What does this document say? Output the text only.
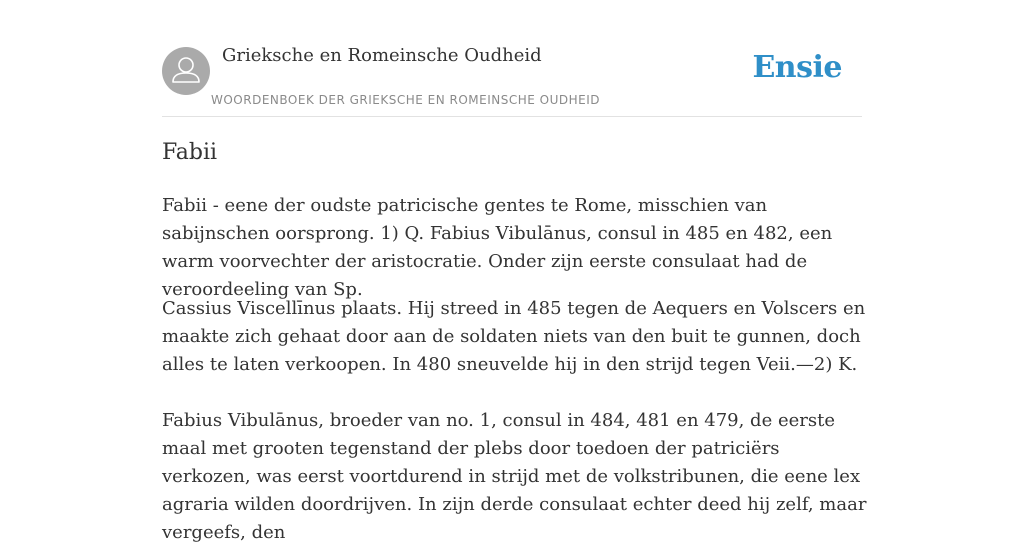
Grieksche en Romeinsche Oudheid
WOORDENBOEK DER GRIEKSCHE EN ROMEINSCHE OUDHEID
Ensie
Fabii

Fabii - eene der oudste patricische gentes te Rome, misschien van sabijnschen oorsprong. 1) Q. Fabius Vibulānus, consul in 485 en 482, een warm voorvechter der aristocratie. Onder zijn eerste consulaat had de veroordeeling van Sp.

Cassius Viscellīnus plaats. Hij streed in 485 tegen de Aequers en Volscers en maakte zich gehaat door aan de soldaten niets van den buit te gunnen, doch alles te laten verkoopen. In 480 sneuvelde hij in den strijd tegen Veii.—2) K.

Fabius Vibulānus, broeder van no. 1, consul in 484, 481 en 479, de eerste maal met grooten tegenstand der plebs door toedoen der patriciërs verkozen, was eerst voortdurend in strijd met de volkstribunen, die eene lex agraria wilden doordrijven. In zijn derde consulaat echter deed hij zelf, maar vergeefs, den
